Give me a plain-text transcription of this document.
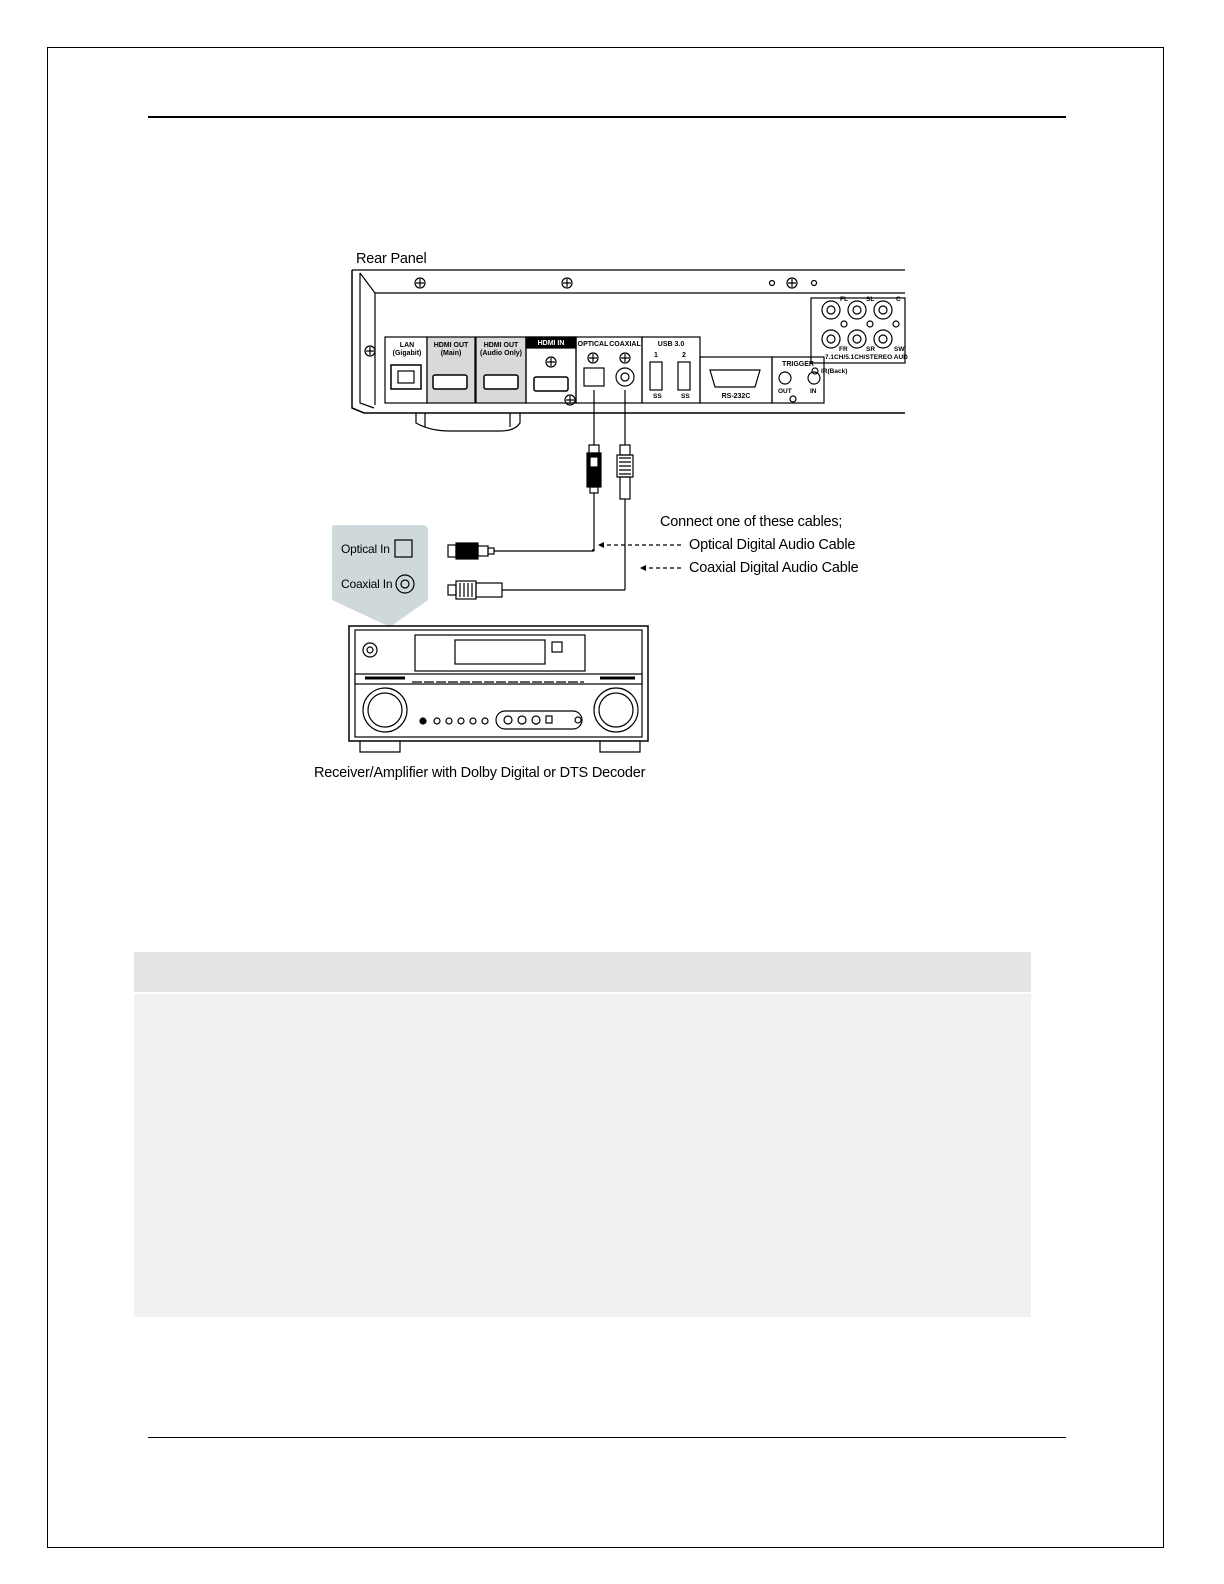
Rear Panel
LAN
(Gigabit)
HDMI OUT
(Main)
HDMI OUT
(Audio Only)
HDMI IN	OPTICAL COAXIAL	USB 3.0
1	2
SS	SS	RS-232C
TRIGGER
OUT	IN
FL	SL	C
FR	SR	SW
7.1CH/5.1CH/STEREO AUD
IR(Back)
Optical In
Coaxial In
Connect one of these cables;
Optical Digital Audio Cable
Coaxial Digital Audio Cable
Receiver/Amplifier with Dolby Digital or DTS Decoder
